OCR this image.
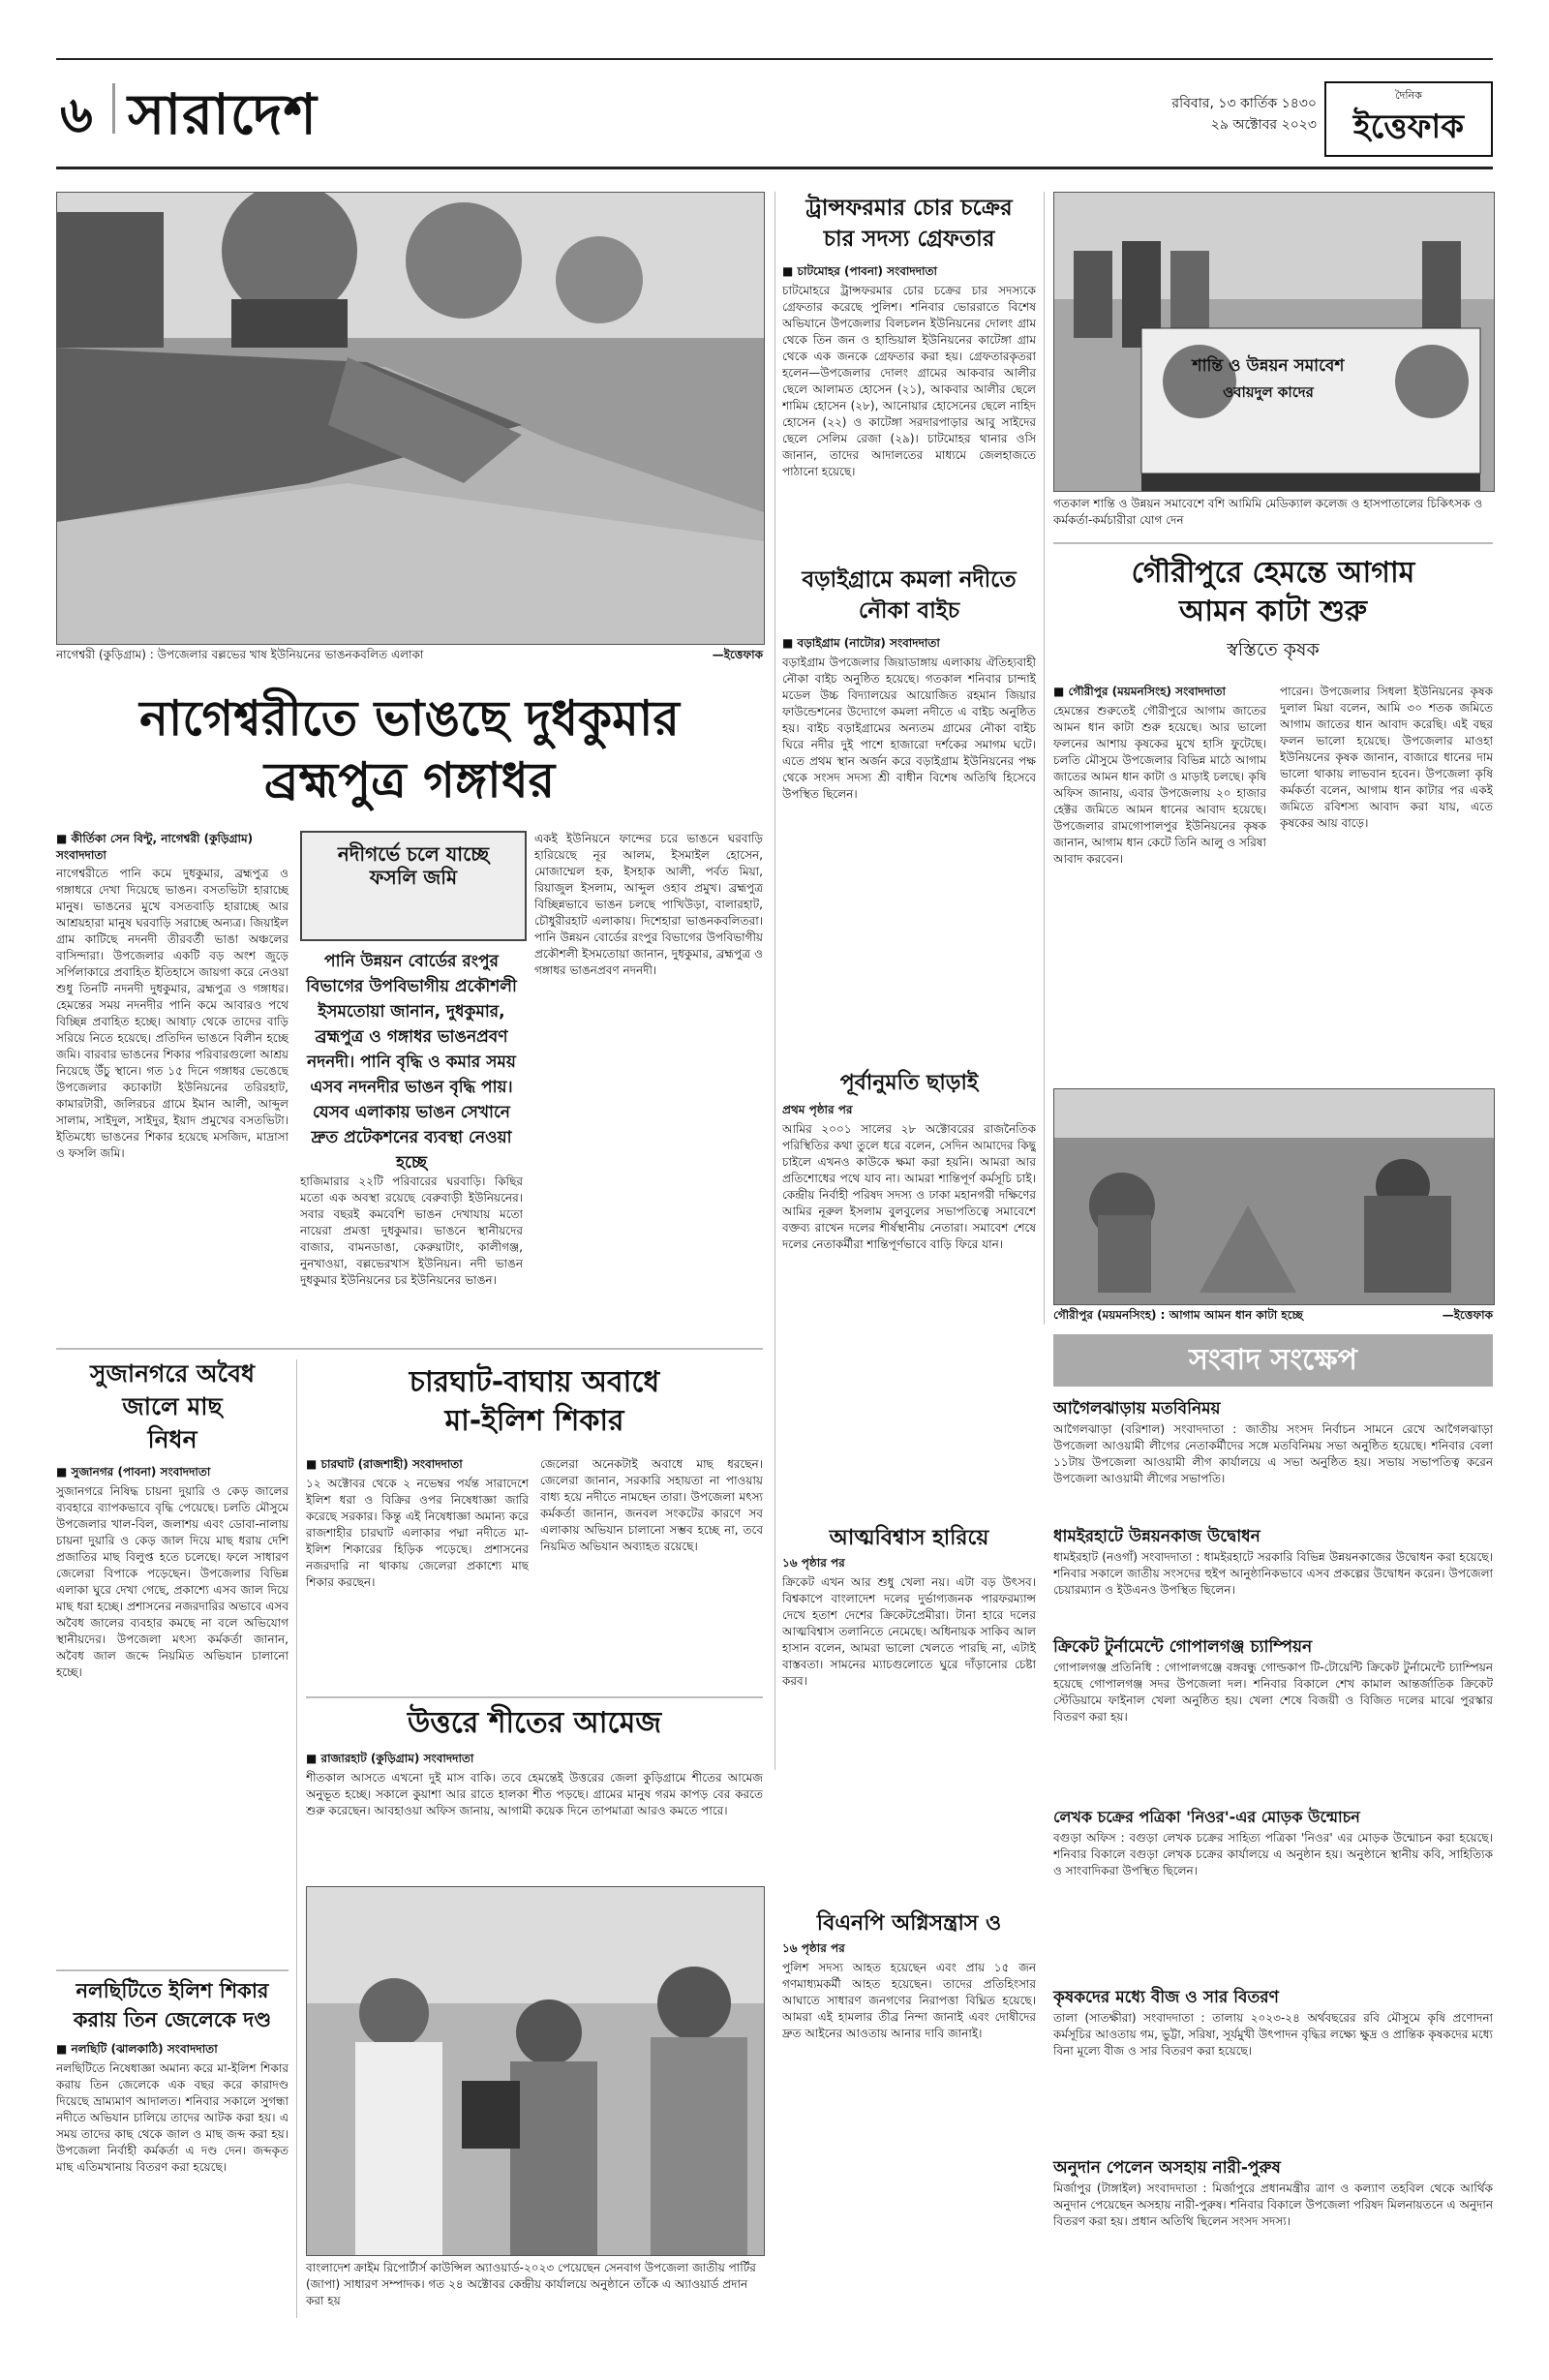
৬ সারাদেশ	রবিবার, ১৩ কার্তিক ১৪৩০
২৯ অক্টোবর ২০২৩
দৈনিক
ইত্তেফাক
নাগেশ্বরী (কুড়িগ্রাম) : উপজেলার বল্লভের খাষ ইউনিয়নের ভাঙনকবলিত এলাকা	—ইত্তেফাক
নাগেশ্বরীতে ভাঙছে দুধকুমার
ব্রহ্মপুত্র গঙ্গাধর
■ কীর্তিকা সেন বিন্টু, নাগেশ্বরী (কুড়িগ্রাম) সংবাদদাতা
নাগেশ্বরীতে পানি কমে দুধকুমার, ব্রহ্মপুত্র ও গঙ্গাধরে দেখা দিয়েছে ভাঙন। বসতভিটা হারাচ্ছে মানুষ। ভাঙনের মুখে বসতবাড়ি হারাচ্ছে আর আশ্রয়হারা মানুষ ঘরবাড়ি সরাচ্ছে অন্যত্র। জিয়াইল গ্রাম কাটিছে নদনদী তীরবর্তী ভাঙা অঞ্চলের বাসিন্দারা। উপজেলার একটি বড় অংশ জুড়ে সর্পিলাকারে প্রবাহিত ইতিহাসে জায়গা করে নেওয়া শুধু তিনটি নদনদী দুধকুমার, ব্রহ্মপুত্র ও গঙ্গাধর। হেমন্তের সময় নদনদীর পানি কমে আবারও পথে বিচ্ছিন্ন প্রবাহিত হচ্ছে। আষাঢ় থেকে তাদের বাড়ি সরিয়ে নিতে হয়েছে। প্রতিদিন ভাঙনে বিলীন হচ্ছে জমি। বারবার ভাঙনের শিকার পরিবারগুলো আশ্রয় নিয়েছে উঁচু স্থানে। গত ১৫ দিনে গঙ্গাধর ভেঙেছে উপজেলার কচাকাটা ইউনিয়নের তরিরহাট, কামারটারী, জলিরচর গ্রামে ইমান আলী, আব্দুল সালাম, সাইদুল, সাইদুর, ইয়াদ প্রমুখের বসতভিটা। ইতিমধ্যে ভাঙনের শিকার হয়েছে মসজিদ, মাদ্রাসা ও ফসলি জমি।
নদীগর্ভে চলে যাচ্ছে
ফসলি জমি
পানি উন্নয়ন বোর্ডের রংপুর বিভাগের উপবিভাগীয় প্রকৌশলী ইসমতোয়া জানান, দুধকুমার, ব্রহ্মপুত্র ও গঙ্গাধর ভাঙনপ্রবণ নদনদী। পানি বৃদ্ধি ও কমার সময় এসব নদনদীর ভাঙন বৃদ্ধি পায়। যেসব এলাকায় ভাঙন সেখানে দ্রুত প্রটেকশনের ব্যবস্থা নেওয়া হচ্ছে
হাজিমারার ২২টি পরিবারের ঘরবাড়ি। কিছির মতো এক অবস্থা রয়েছে বেরুবাড়ী ইউনিয়নের। সবার বছরই কমবেশি ভাঙন দেখাযায় মতো নায়েরা প্রমত্তা দুধকুমার। ভাঙনে স্থানীয়দের বাজার, বামনডাঙা, কেরুয়াটাং, কালীগঞ্জ, নুনখাওয়া, বল্লভেরখাস ইউনিয়ন। নদী ভাঙন দুধকুমার ইউনিয়নের চর ইউনিয়নের ভাঙন।
একই ইউনিয়নে ফান্দের চরে ভাঙনে ঘরবাড়ি হারিয়েছে নূর আলম, ইসমাইল হোসেন, মোজাম্মেল হক, ইসহাক আলী, পর্বত মিয়া, রিয়াজুল ইসলাম, আব্দুল ওহাব প্রমুখ। ব্রহ্মপুত্র বিচ্ছিন্নভাবে ভাঙন চলছে পাখিউড়া, বালারহাট, চৌধুরীরহাট এলাকায়। দিশেহারা ভাঙনকবলিতরা। পানি উন্নয়ন বোর্ডের রংপুর বিভাগের উপবিভাগীয় প্রকৌশলী ইসমতোয়া জানান, দুধকুমার, ব্রহ্মপুত্র ও গঙ্গাধর ভাঙনপ্রবণ নদনদী।
ট্রান্সফরমার চোর চক্রের
চার সদস্য গ্রেফতার
■ চাটমোহর (পাবনা) সংবাদদাতা
চাটমোহরে ট্রান্সফরমার চোর চক্রের চার সদস্যকে গ্রেফতার করেছে পুলিশ। শনিবার ভোররাতে বিশেষ অভিযানে উপজেলার বিলচলন ইউনিয়নের দোলং গ্রাম থেকে তিন জন ও হান্ডিয়াল ইউনিয়নের কাটেঙ্গা গ্রাম থেকে এক জনকে গ্রেফতার করা হয়। গ্রেফতারকৃতরা হলেন—উপজেলার দোলং গ্রামের আকবার আলীর ছেলে আলামত হোসেন (২১), আকবার আলীর ছেলে শামিম হোসেন (২৮), আনোয়ার হোসেনের ছেলে নাহিদ হোসেন (২২) ও কাটেঙ্গা সরদারপাড়ার আবু সাইদের ছেলে সেলিম রেজা (২৯)। চাটমোহর থানার ওসি জানান, তাদের আদালতের মাধ্যমে জেলহাজতে পাঠানো হয়েছে।
বড়াইগ্রামে কমলা নদীতে
নৌকা বাইচ
■ বড়াইগ্রাম (নাটোর) সংবাদদাতা
বড়াইগ্রাম উপজেলার জিয়াডাঙ্গায় এলাকায় ঐতিহ্যবাহী নৌকা বাইচ অনুষ্ঠিত হয়েছে। গতকাল শনিবার চান্দাই মডেল উচ্চ বিদ্যালয়ের আয়োজিত রহমান জিয়ার ফাউন্ডেশনের উদ্যোগে কমলা নদীতে এ বাইচ অনুষ্ঠিত হয়। বাইচ বড়াইগ্রামের অন্যতম গ্রামের নৌকা বাইচ ঘিরে নদীর দুই পাশে হাজারো দর্শকের সমাগম ঘটে। এতে প্রথম স্থান অর্জন করে বড়াইগ্রাম ইউনিয়নের পক্ষ থেকে সংসদ সদস্য শ্রী বাধীন বিশেষ অতিথি হিসেবে উপস্থিত ছিলেন।
পূর্বানুমতি ছাড়াই
প্রথম পৃষ্ঠার পর
আমির ২০০১ সালের ২৮ অক্টোবরের রাজনৈতিক পরিস্থিতির কথা তুলে ধরে বলেন, সেদিন আমাদের কিছু চাইলে এখনও কাউকে ক্ষমা করা হয়নি। আমরা আর প্রতিশোধের পথে যাব না। আমরা শান্তিপূর্ণ কর্মসূচি চাই। কেন্দ্রীয় নির্বাহী পরিষদ সদস্য ও ঢাকা মহানগরী দক্ষিণের আমির নূরুল ইসলাম বুলবুলের সভাপতিত্বে সমাবেশে বক্তব্য রাখেন দলের শীর্ষস্থানীয় নেতারা। সমাবেশ শেষে দলের নেতাকর্মীরা শান্তিপূর্ণভাবে বাড়ি ফিরে যান।
আত্মবিশ্বাস হারিয়ে
১৬ পৃষ্ঠার পর
ক্রিকেট এখন আর শুধু খেলা নয়। এটা বড় উৎসব। বিশ্বকাপে বাংলাদেশ দলের দুর্ভাগ্যজনক পারফরম্যান্স দেখে হতাশ দেশের ক্রিকেটপ্রেমীরা। টানা হারে দলের আত্মবিশ্বাস তলানিতে নেমেছে। অধিনায়ক সাকিব আল হাসান বলেন, আমরা ভালো খেলতে পারছি না, এটাই বাস্তবতা। সামনের ম্যাচগুলোতে ঘুরে দাঁড়ানোর চেষ্টা করব।
বিএনপি অগ্নিসন্ত্রাস ও
১৬ পৃষ্ঠার পর
পুলিশ সদস্য আহত হয়েছেন এবং প্রায় ১৫ জন গণমাধ্যমকর্মী আহত হয়েছেন। তাদের প্রতিহিংসার আঘাতে সাধারণ জনগণের নিরাপত্তা বিঘ্নিত হয়েছে। আমরা এই হামলার তীব্র নিন্দা জানাই এবং দোষীদের দ্রুত আইনের আওতায় আনার দাবি জানাই।
শান্তি ও উন্নয়ন সমাবেশ
ওবায়দুল কাদের
গতকাল শান্তি ও উন্নয়ন সমাবেশে বশি আমিমি মেডিক্যাল কলেজ ও হাসপাতালের চিকিৎসক ও কর্মকর্তা-কর্মচারীরা যোগ দেন
গৌরীপুরে হেমন্তে আগাম
আমন কাটা শুরু
স্বস্তিতে কৃষক
■ গৌরীপুর (ময়মনসিংহ) সংবাদদাতা
হেমন্তের শুরুতেই গৌরীপুরে আগাম জাতের আমন ধান কাটা শুরু হয়েছে। আর ভালো ফলনের আশায় কৃষকের মুখে হাসি ফুটেছে। চলতি মৌসুমে উপজেলার বিভিন্ন মাঠে আগাম জাতের আমন ধান কাটা ও মাড়াই চলছে। কৃষি অফিস জানায়, এবার উপজেলায় ২০ হাজার হেক্টর জমিতে আমন ধানের আবাদ হয়েছে। উপজেলার রামগোপালপুর ইউনিয়নের কৃষক জানান, আগাম ধান কেটে তিনি আলু ও সরিষা আবাদ করবেন।
পারেন। উপজেলার সিধলা ইউনিয়নের কৃষক দুলাল মিয়া বলেন, আমি ৩০ শতক জমিতে আগাম জাতের ধান আবাদ করেছি। এই বছর ফলন ভালো হয়েছে। উপজেলার মাওহা ইউনিয়নের কৃষক জানান, বাজারে ধানের দাম ভালো থাকায় লাভবান হবেন। উপজেলা কৃষি কর্মকর্তা বলেন, আগাম ধান কাটার পর একই জমিতে রবিশস্য আবাদ করা যায়, এতে কৃষকের আয় বাড়ে।
গৌরীপুর (ময়মনসিংহ) : আগাম আমন ধান কাটা হচ্ছে	—ইত্তেফাক
সংবাদ সংক্ষেপ
আগৈলঝাড়ায় মতবিনিময়
আগৈলঝাড়া (বরিশাল) সংবাদদাতা : জাতীয় সংসদ নির্বাচন সামনে রেখে আগৈলঝাড়া উপজেলা আওয়ামী লীগের নেতাকর্মীদের সঙ্গে মতবিনিময় সভা অনুষ্ঠিত হয়েছে। শনিবার বেলা ১১টায় উপজেলা আওয়ামী লীগ কার্যালয়ে এ সভা অনুষ্ঠিত হয়। সভায় সভাপতিত্ব করেন উপজেলা আওয়ামী লীগের সভাপতি।
ধামইরহাটে উন্নয়নকাজ উদ্বোধন
ধামইরহাট (নওগাঁ) সংবাদদাতা : ধামইরহাটে সরকারি বিভিন্ন উন্নয়নকাজের উদ্বোধন করা হয়েছে। শনিবার সকালে জাতীয় সংসদের হুইপ আনুষ্ঠানিকভাবে এসব প্রকল্পের উদ্বোধন করেন। উপজেলা চেয়ারম্যান ও ইউএনও উপস্থিত ছিলেন।
ক্রিকেট টুর্নামেন্টে গোপালগঞ্জ চ্যাম্পিয়ন
গোপালগঞ্জ প্রতিনিধি : গোপালগঞ্জে বঙ্গবন্ধু গোল্ডকাপ টি-টোয়েন্টি ক্রিকেট টুর্নামেন্টে চ্যাম্পিয়ন হয়েছে গোপালগঞ্জ সদর উপজেলা দল। শনিবার বিকালে শেখ কামাল আন্তর্জাতিক ক্রিকেট স্টেডিয়ামে ফাইনাল খেলা অনুষ্ঠিত হয়। খেলা শেষে বিজয়ী ও বিজিত দলের মাঝে পুরস্কার বিতরণ করা হয়।
লেখক চক্রের পত্রিকা 'নিওর'-এর মোড়ক উন্মোচন
বগুড়া অফিস : বগুড়া লেখক চক্রের সাহিত্য পত্রিকা 'নিওর' এর মোড়ক উন্মোচন করা হয়েছে। শনিবার বিকালে বগুড়া লেখক চক্রের কার্যালয়ে এ অনুষ্ঠান হয়। অনুষ্ঠানে স্থানীয় কবি, সাহিত্যিক ও সাংবাদিকরা উপস্থিত ছিলেন।
কৃষকদের মধ্যে বীজ ও সার বিতরণ
তালা (সাতক্ষীরা) সংবাদদাতা : তালায় ২০২৩-২৪ অর্থবছরের রবি মৌসুমে কৃষি প্রণোদনা কর্মসূচির আওতায় গম, ভুট্টা, সরিষা, সূর্যমুখী উৎপাদন বৃদ্ধির লক্ষ্যে ক্ষুদ্র ও প্রান্তিক কৃষকদের মধ্যে বিনা মূল্যে বীজ ও সার বিতরণ করা হয়েছে।
অনুদান পেলেন অসহায় নারী-পুরুষ
মির্জাপুর (টাঙ্গাইল) সংবাদদাতা : মির্জাপুরে প্রধানমন্ত্রীর ত্রাণ ও কল্যাণ তহবিল থেকে আর্থিক অনুদান পেয়েছেন অসহায় নারী-পুরুষ। শনিবার বিকালে উপজেলা পরিষদ মিলনায়তনে এ অনুদান বিতরণ করা হয়। প্রধান অতিথি ছিলেন সংসদ সদস্য।
সুজানগরে অবৈধ
জালে মাছ
নিধন
■ সুজানগর (পাবনা) সংবাদদাতা
সুজানগরে নিষিদ্ধ চায়না দুয়ারি ও কেড় জালের ব্যবহারে ব্যাপকভাবে বৃদ্ধি পেয়েছে। চলতি মৌসুমে উপজেলার খাল-বিল, জলাশয় এবং ডোবা-নালায় চায়না দুয়ারি ও কেড় জাল দিয়ে মাছ ধরায় দেশি প্রজাতির মাছ বিলুপ্ত হতে চলেছে। ফলে সাধারণ জেলেরা বিপাকে পড়েছেন। উপজেলার বিভিন্ন এলাকা ঘুরে দেখা গেছে, প্রকাশ্যে এসব জাল দিয়ে মাছ ধরা হচ্ছে। প্রশাসনের নজরদারির অভাবে এসব অবৈধ জালের ব্যবহার কমছে না বলে অভিযোগ স্থানীয়দের। উপজেলা মৎস্য কর্মকর্তা জানান, অবৈধ জাল জব্দে নিয়মিত অভিযান চালানো হচ্ছে।
নলছিটিতে ইলিশ শিকার
করায় তিন জেলেকে দণ্ড
■ নলছিটি (ঝালকাঠি) সংবাদদাতা
নলছিটিতে নিষেধাজ্ঞা অমান্য করে মা-ইলিশ শিকার করায় তিন জেলেকে এক বছর করে কারাদণ্ড দিয়েছে ভ্রাম্যমাণ আদালত। শনিবার সকালে সুগন্ধা নদীতে অভিযান চালিয়ে তাদের আটক করা হয়। এ সময় তাদের কাছ থেকে জাল ও মাছ জব্দ করা হয়। উপজেলা নির্বাহী কর্মকর্তা এ দণ্ড দেন। জব্দকৃত মাছ এতিমখানায় বিতরণ করা হয়েছে।
চারঘাট-বাঘায় অবাধে
মা-ইলিশ শিকার
■ চারঘাট (রাজশাহী) সংবাদদাতা
১২ অক্টোবর থেকে ২ নভেম্বর পর্যন্ত সারাদেশে ইলিশ ধরা ও বিক্রির ওপর নিষেধাজ্ঞা জারি করেছে সরকার। কিন্তু এই নিষেধাজ্ঞা অমান্য করে রাজশাহীর চারঘাট এলাকার পদ্মা নদীতে মা-ইলিশ শিকারের হিড়িক পড়েছে। প্রশাসনের নজরদারি না থাকায় জেলেরা প্রকাশ্যে মাছ শিকার করছেন।
জেলেরা অনেকটাই অবাধে মাছ ধরছেন। জেলেরা জানান, সরকারি সহায়তা না পাওয়ায় বাধ্য হয়ে নদীতে নামছেন তারা। উপজেলা মৎস্য কর্মকর্তা জানান, জনবল সংকটের কারণে সব এলাকায় অভিযান চালানো সম্ভব হচ্ছে না, তবে নিয়মিত অভিযান অব্যাহত রয়েছে।
উত্তরে শীতের আমেজ
■ রাজারহাট (কুড়িগ্রাম) সংবাদদাতা
শীতকাল আসতে এখনো দুই মাস বাকি। তবে হেমন্তেই উত্তরের জেলা কুড়িগ্রামে শীতের আমেজ অনুভূত হচ্ছে। সকালে কুয়াশা আর রাতে হালকা শীত পড়ছে। গ্রামের মানুষ গরম কাপড় বের করতে শুরু করেছেন। আবহাওয়া অফিস জানায়, আগামী কয়েক দিনে তাপমাত্রা আরও কমতে পারে।
বাংলাদেশ ক্রাইম রিপোর্টার্স কাউন্সিল অ্যাওয়ার্ড-২০২৩ পেয়েছেন সেনবাগ উপজেলা জাতীয় পার্টির (জাপা) সাধারণ সম্পাদক। গত ২৪ অক্টোবর কেন্দ্রীয় কার্যালয়ে অনুষ্ঠানে তাঁকে এ অ্যাওয়ার্ড প্রদান করা হয়
